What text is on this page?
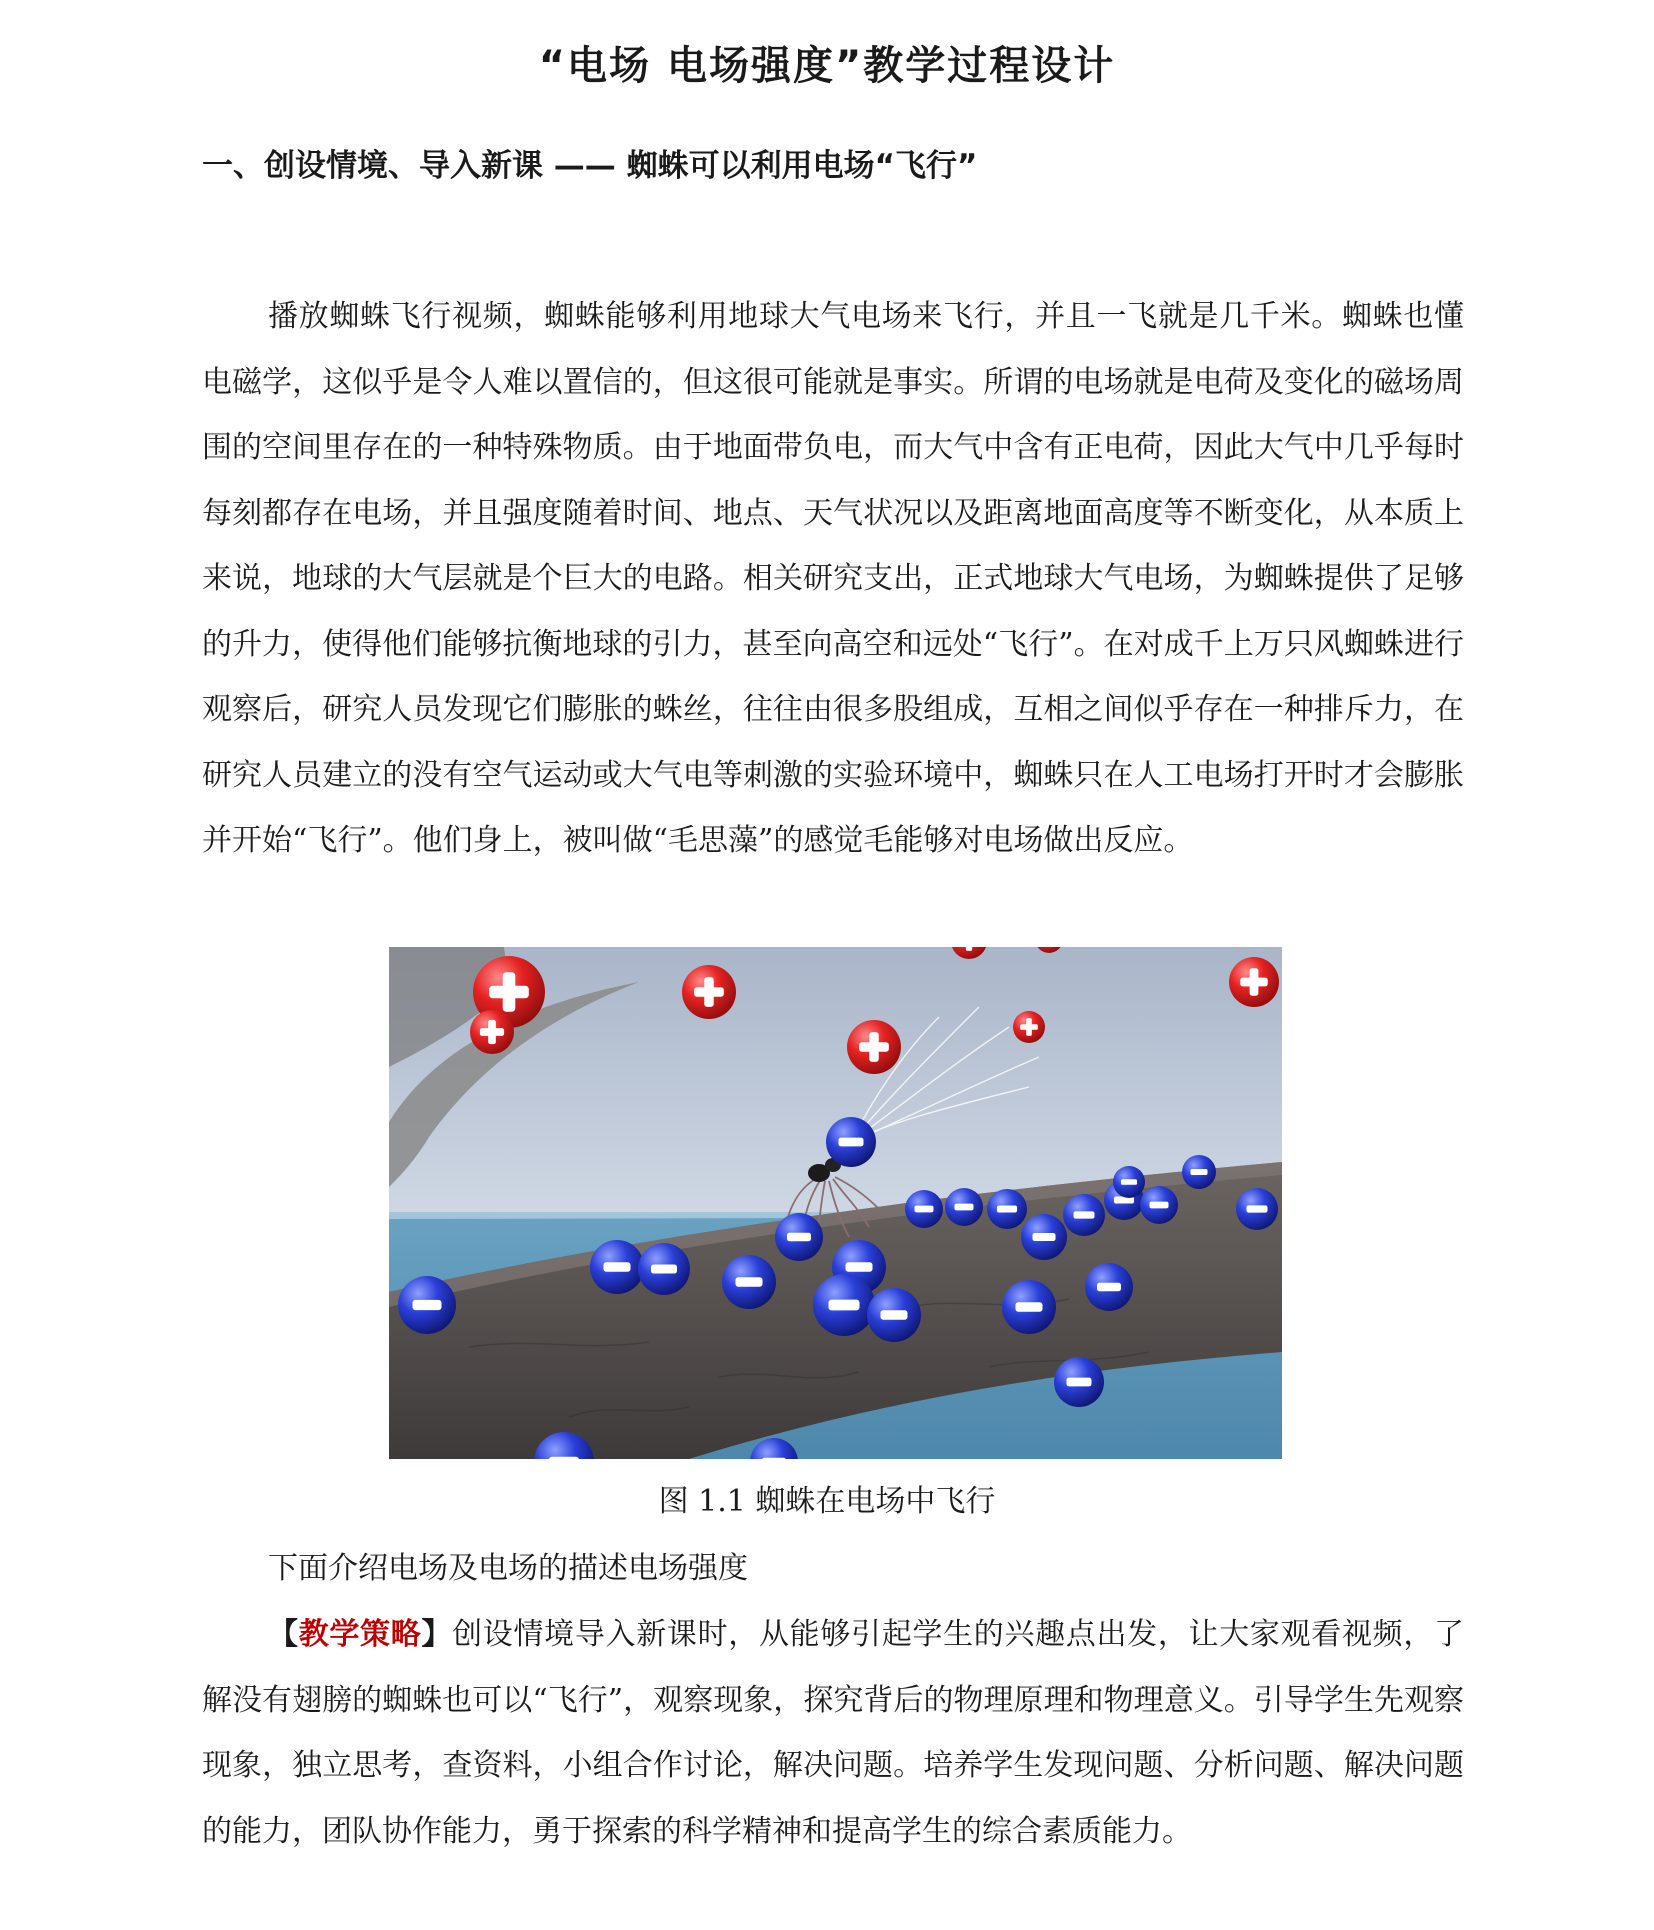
“电场 电场强度”教学过程设计
一、创设情境、导入新课 —— 蜘蛛可以利用电场“飞行”

播放蜘蛛飞行视频，蜘蛛能够利用地球大气电场来飞行，并且一飞就是几千米。蜘蛛也懂电磁学，这似乎是令人难以置信的，但这很可能就是事实。所谓的电场就是电荷及变化的磁场周围的空间里存在的一种特殊物质。由于地面带负电，而大气中含有正电荷，因此大气中几乎每时每刻都存在电场，并且强度随着时间、地点、天气状况以及距离地面高度等不断变化，从本质上来说，地球的大气层就是个巨大的电路。相关研究支出，正式地球大气电场，为蜘蛛提供了足够的升力，使得他们能够抗衡地球的引力，甚至向高空和远处“飞行”。在对成千上万只风蜘蛛进行观察后，研究人员发现它们膨胀的蛛丝，往往由很多股组成，互相之间似乎存在一种排斥力，在研究人员建立的没有空气运动或大气电等刺激的实验环境中，蜘蛛只在人工电场打开时才会膨胀并开始“飞行”。他们身上，被叫做“毛思藻”的感觉毛能够对电场做出反应。

图 1.1 蜘蛛在电场中飞行

下面介绍电场及电场的描述电场强度

【教学策略】创设情境导入新课时，从能够引起学生的兴趣点出发，让大家观看视频，了解没有翅膀的蜘蛛也可以“飞行”，观察现象，探究背后的物理原理和物理意义。引导学生先观察现象，独立思考，查资料，小组合作讨论，解决问题。培养学生发现问题、分析问题、解决问题的能力，团队协作能力，勇于探索的科学精神和提高学生的综合素质能力。
